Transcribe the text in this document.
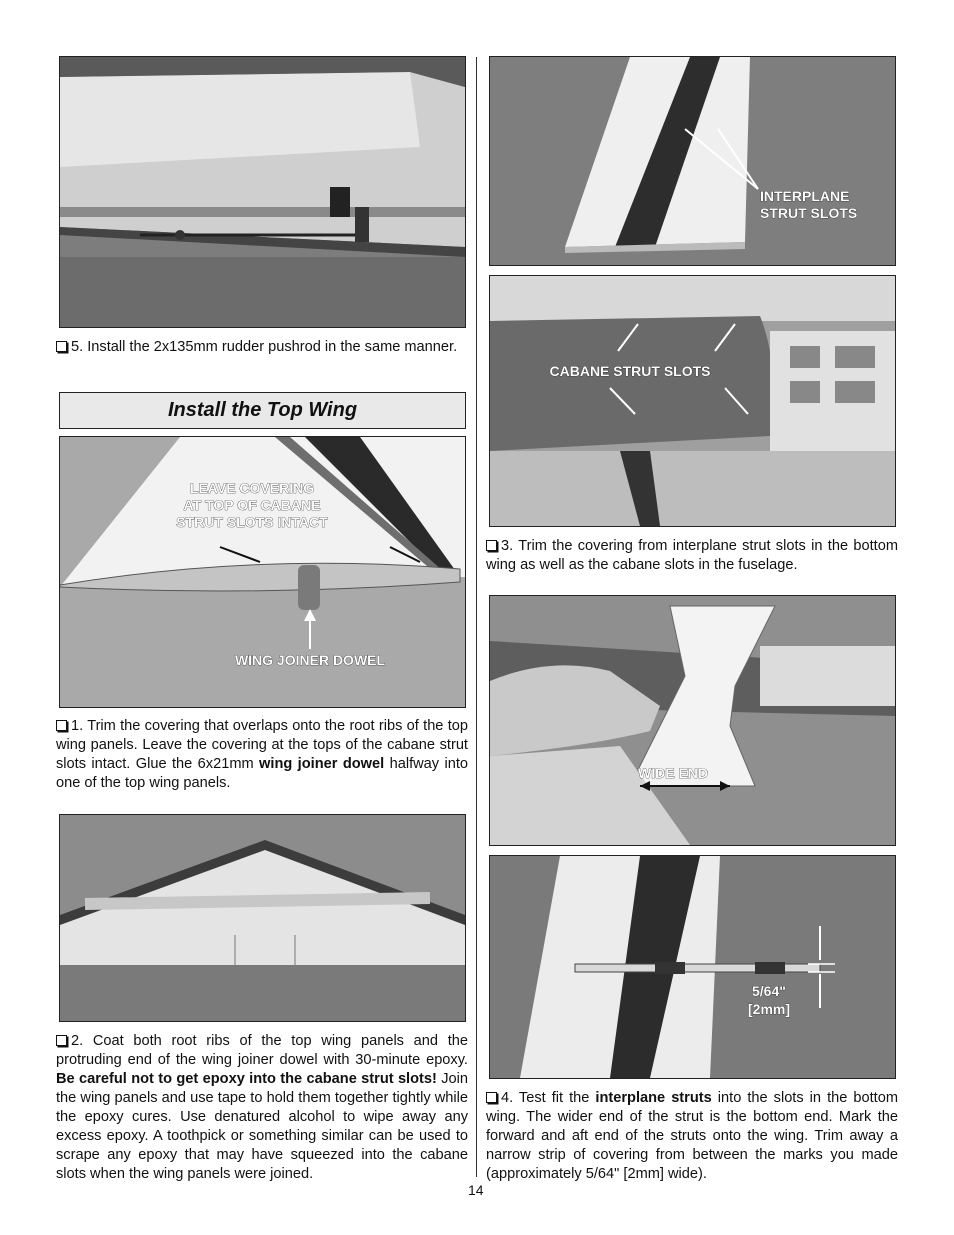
5. Install the 2x135mm rudder pushrod in the same manner.

Install the Top Wing
LEAVE COVERING
AT TOP OF CABANE
STRUT SLOTS INTACT
WING JOINER DOWEL

1. Trim the covering that overlaps onto the root ribs of the top wing panels. Leave the covering at the tops of the cabane strut slots intact. Glue the 6x21mm wing joiner dowel halfway into one of the top wing panels.

2. Coat both root ribs of the top wing panels and the protruding end of the wing joiner dowel with 30-minute epoxy. Be careful not to get epoxy into the cabane strut slots! Join the wing panels and use tape to hold them together tightly while the epoxy cures. Use denatured alcohol to wipe away any excess epoxy. A toothpick or something similar can be used to scrape any epoxy that may have squeezed into the cabane slots when the wing panels were joined.

INTERPLANE
STRUT SLOTS
CABANE STRUT SLOTS

3. Trim the covering from interplane strut slots in the bottom wing as well as the cabane slots in the fuselage.

WIDE END
5/64"
[2mm]

4. Test fit the interplane struts into the slots in the bottom wing. The wider end of the strut is the bottom end. Mark the forward and aft end of the struts onto the wing. Trim away a narrow strip of covering from between the marks you made (approximately 5/64" [2mm] wide).

14
